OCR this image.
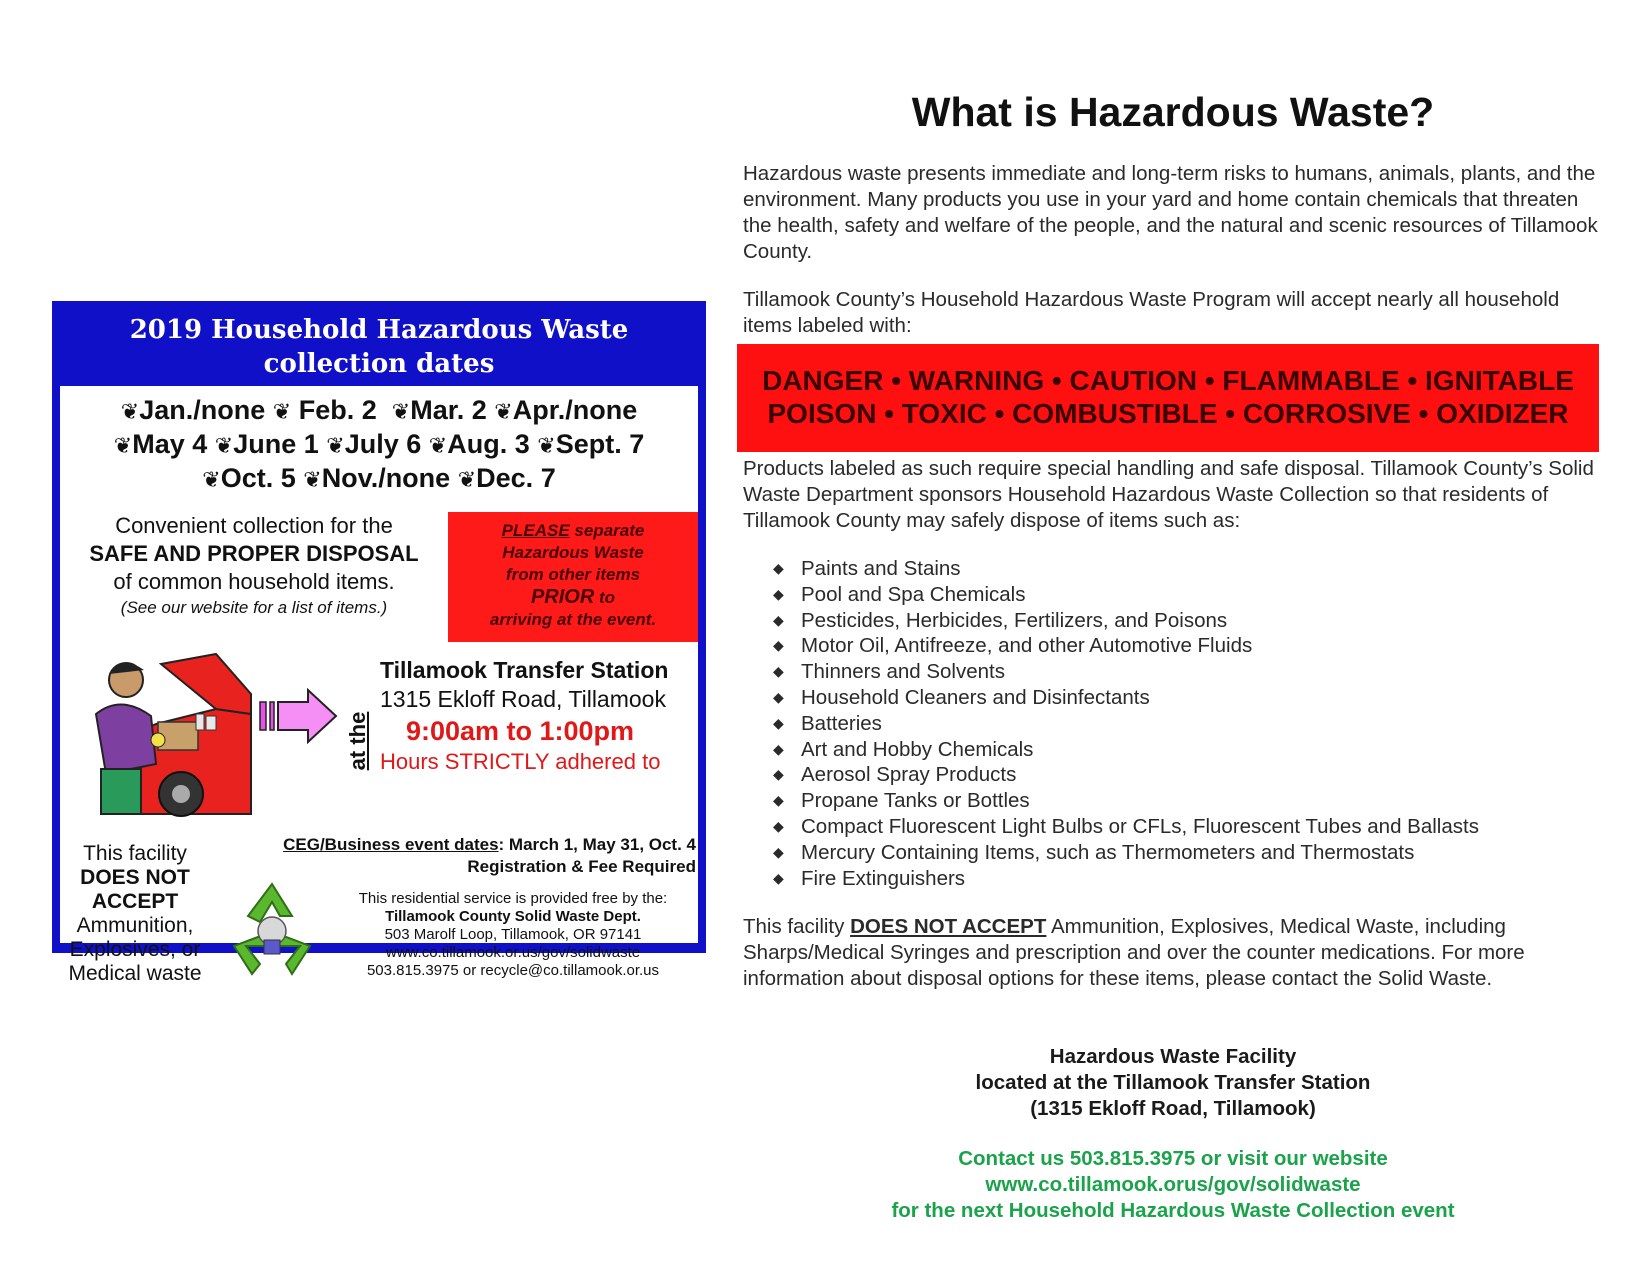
2019 Household Hazardous Waste
collection dates
❦Jan./none ❦ Feb. 2 ❦Mar. 2 ❦Apr./none
❦May 4 ❦June 1 ❦July 6 ❦Aug. 3 ❦Sept. 7
❦Oct. 5 ❦Nov./none ❦Dec. 7
Convenient collection for the
SAFE AND PROPER DISPOSAL
of common household items.
(See our website for a list of items.)
PLEASE separate
Hazardous Waste
from other items
PRIOR to
arriving at the event.
at the
Tillamook Transfer Station
1315 Ekloff Road, Tillamook
9:00am to 1:00pm
Hours STRICTLY adhered to
This facility
DOES NOT
ACCEPT
Ammunition,
Explosives, or
Medical waste
CEG/Business event dates: March 1, May 31, Oct. 4
Registration & Fee Required
This residential service is provided free by the:
Tillamook County Solid Waste Dept.
503 Marolf Loop, Tillamook, OR 97141
www.co.tillamook.or.us/gov/solidwaste
503.815.3975 or recycle@co.tillamook.or.us
What is Hazardous Waste?

Hazardous waste presents immediate and long-term risks to humans, animals, plants, and the environment. Many products you use in your yard and home contain chemicals that threaten the health, safety and welfare of the people, and the natural and scenic resources of Tillamook County.

Tillamook County’s Household Hazardous Waste Program will accept nearly all household items labeled with:

DANGER • WARNING • CAUTION • FLAMMABLE • IGNITABLE
POISON • TOXIC • COMBUSTIBLE • CORROSIVE • OXIDIZER

Products labeled as such require special handling and safe disposal. Tillamook County’s Solid Waste Department sponsors Household Hazardous Waste Collection so that residents of Tillamook County may safely dispose of items such as:

◆ Paints and Stains
◆ Pool and Spa Chemicals
◆ Pesticides, Herbicides, Fertilizers, and Poisons
◆ Motor Oil, Antifreeze, and other Automotive Fluids
◆ Thinners and Solvents
◆ Household Cleaners and Disinfectants
◆ Batteries
◆ Art and Hobby Chemicals
◆ Aerosol Spray Products
◆ Propane Tanks or Bottles
◆ Compact Fluorescent Light Bulbs or CFLs, Fluorescent Tubes and Ballasts
◆ Mercury Containing Items, such as Thermometers and Thermostats
◆ Fire Extinguishers

This facility DOES NOT ACCEPT Ammunition, Explosives, Medical Waste, including Sharps/Medical Syringes and prescription and over the counter medications. For more information about disposal options for these items, please contact the Solid Waste.

Hazardous Waste Facility
located at the Tillamook Transfer Station
(1315 Ekloff Road, Tillamook)
Contact us 503.815.3975 or visit our website
www.co.tillamook.orus/gov/solidwaste
for the next Household Hazardous Waste Collection event
